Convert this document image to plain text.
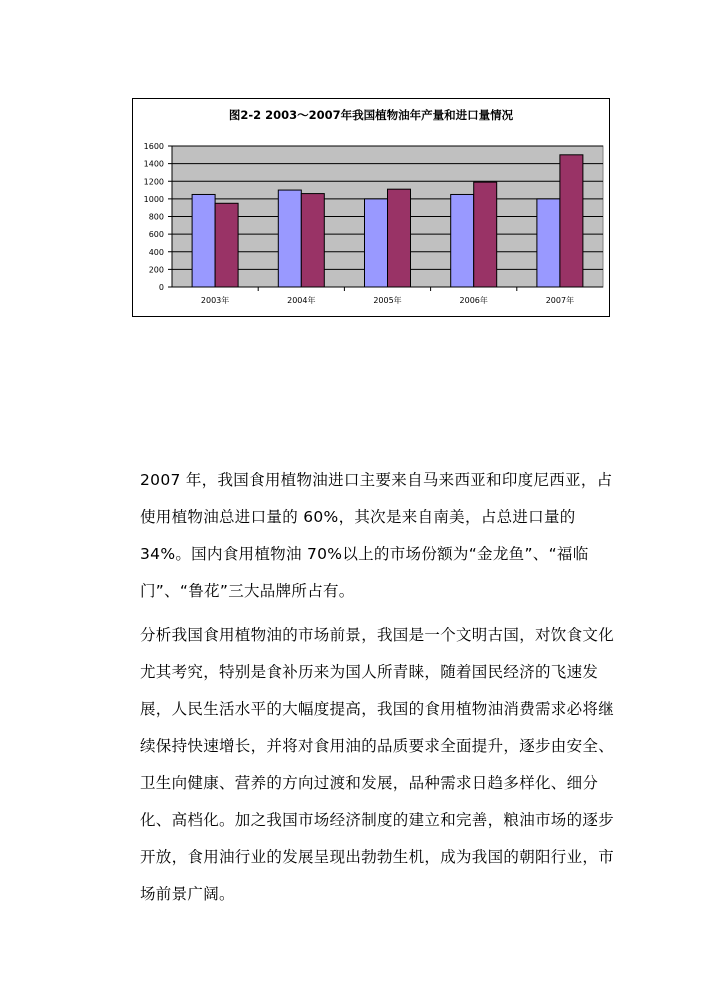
图2-2 2003～2007年我国植物油年产量和进口量情况
0
200
400
600
800
1000
1200
1400
1600
2003年	2004年	2005年	2006年	2007年
2007 年，我国食用植物油进口主要来自马来西亚和印度尼西亚，占使用植物油总进口量的 60%，其次是来自南美，占总进口量的34%。国内食用植物油 70%以上的市场份额为“金龙鱼”、“福临门”、“鲁花”三大品牌所占有。
分析我国食用植物油的市场前景，我国是一个文明古国，对饮食文化尤其考究，特别是食补历来为国人所青睐，随着国民经济的飞速发展，人民生活水平的大幅度提高，我国的食用植物油消费需求必将继续保持快速增长，并将对食用油的品质要求全面提升，逐步由安全、卫生向健康、营养的方向过渡和发展，品种需求日趋多样化、细分化、高档化。加之我国市场经济制度的建立和完善，粮油市场的逐步开放，食用油行业的发展呈现出勃勃生机，成为我国的朝阳行业，市场前景广阔。
